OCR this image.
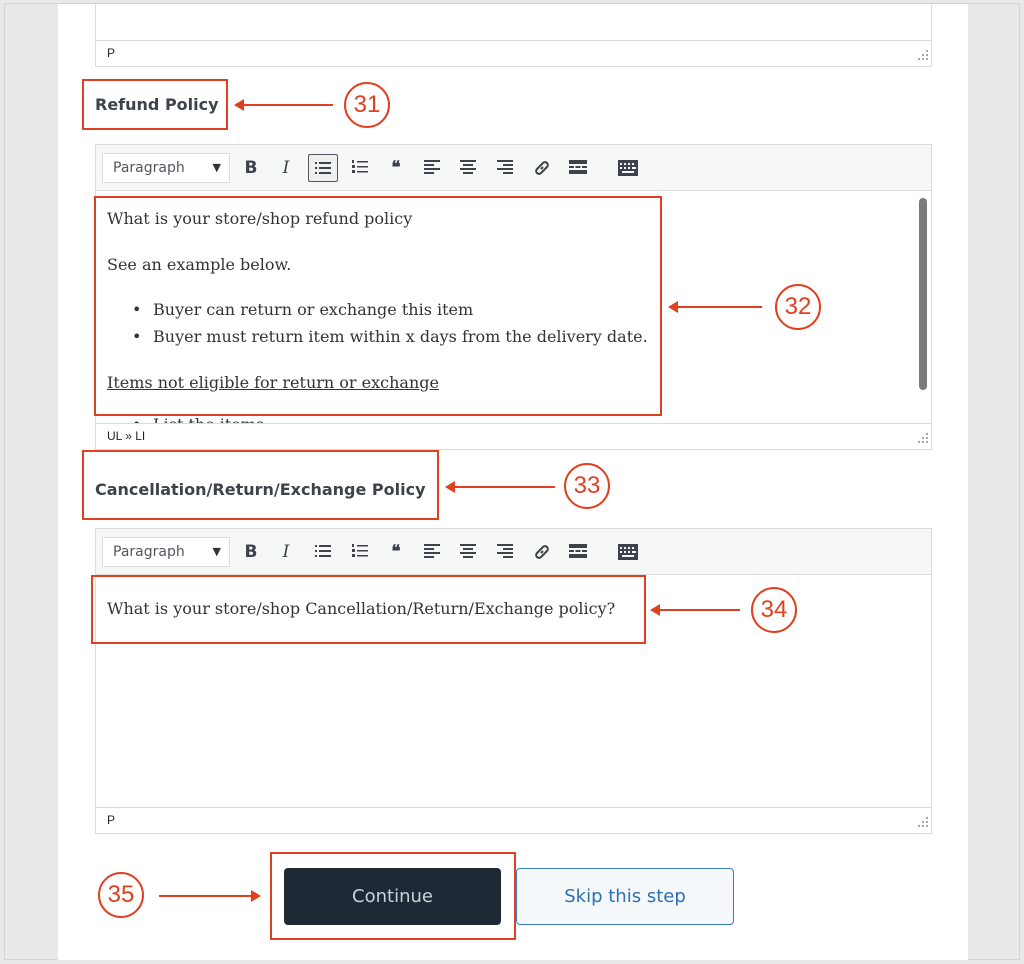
P
Refund Policy	31
Paragraph	▼	B	I	❝

What is your store/shop refund policy

See an example below.

• Buyer can return or exchange this item

• Buyer must return item within x days from the delivery date.

Items not eligible for return or exchange

UL » LI
32
Cancellation/Return/Exchange Policy	33
Paragraph	▼	B	I	❝

What is your store/shop Cancellation/Return/Exchange policy?

P
34
35	Continue	Skip this step
